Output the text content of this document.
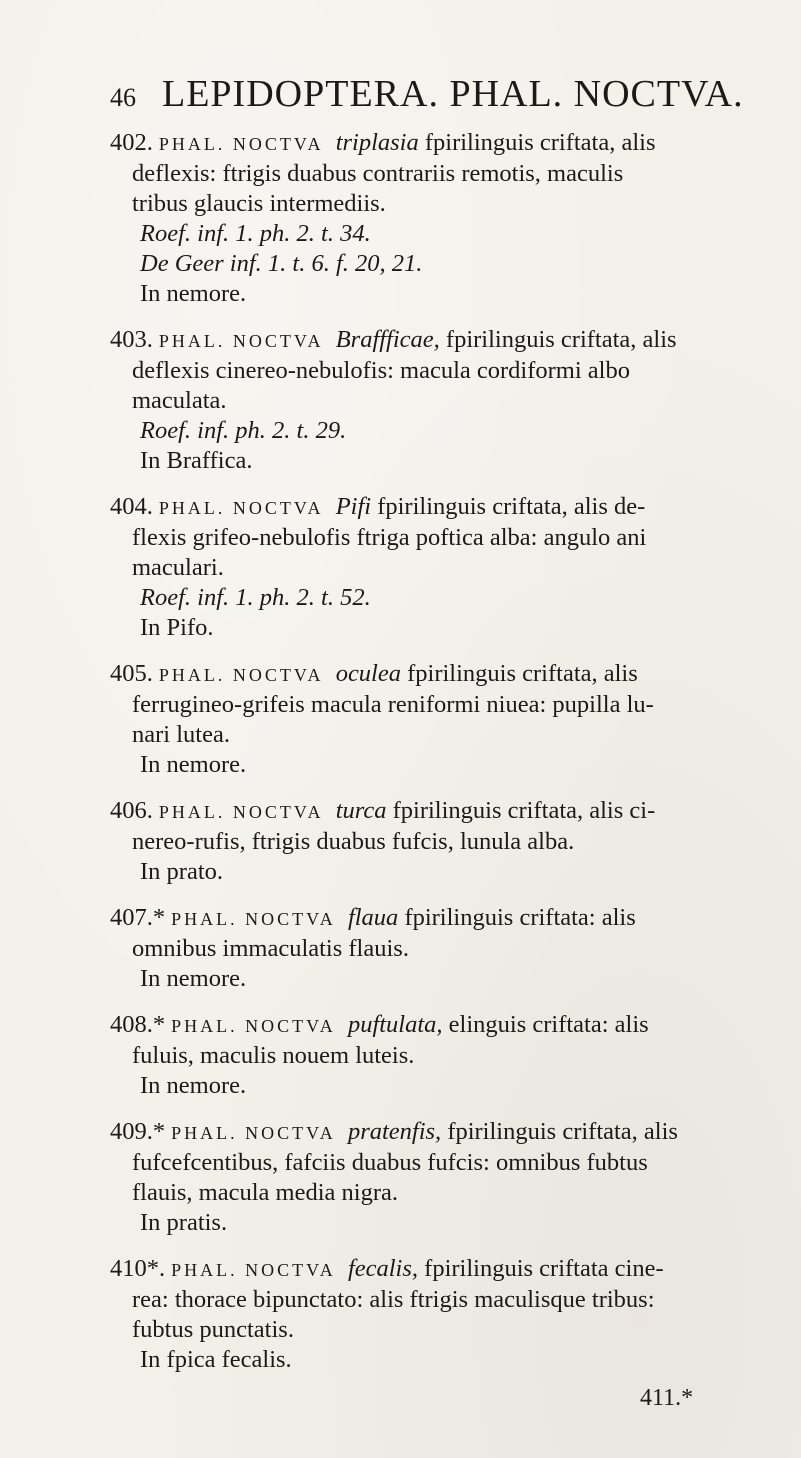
46 LEPIDOPTERA. PHAL. NOCTVA.
402. PHAL. NOCTVA triplasia fpirilinguis criftata, alis
deflexis: ftrigis duabus contrariis remotis, maculis
tribus glaucis intermediis.
Roef. inf. 1. ph. 2. t. 34.
De Geer inf. 1. t. 6. f. 20, 21.
In nemore.
403. PHAL. NOCTVA Braffficae, fpirilinguis criftata, alis
deflexis cinereo-nebulofis: macula cordiformi albo
maculata.
Roef. inf. ph. 2. t. 29.
In Braffica.
404. PHAL. NOCTVA Pifi fpirilinguis criftata, alis de-
flexis grifeo-nebulofis ftriga poftica alba: angulo ani
maculari.
Roef. inf. 1. ph. 2. t. 52.
In Pifo.
405. PHAL. NOCTVA oculea fpirilinguis criftata, alis
ferrugineo-grifeis macula reniformi niuea: pupilla lu-
nari lutea.
In nemore.
406. PHAL. NOCTVA turca fpirilinguis criftata, alis ci-
nereo-rufis, ftrigis duabus fufcis, lunula alba.
In prato.
407.* PHAL. NOCTVA flaua fpirilinguis criftata: alis
omnibus immaculatis flauis.
In nemore.
408.* PHAL. NOCTVA puftulata, elinguis criftata: alis
fuluis, maculis nouem luteis.
In nemore.
409.* PHAL. NOCTVA pratenfis, fpirilinguis criftata, alis
fufcefcentibus, fafciis duabus fufcis: omnibus fubtus
flauis, macula media nigra.
In pratis.
410*. PHAL. NOCTVA fecalis, fpirilinguis criftata cine-
rea: thorace bipunctato: alis ftrigis maculisque tribus:
fubtus punctatis.
In fpica fecalis.
411.*
